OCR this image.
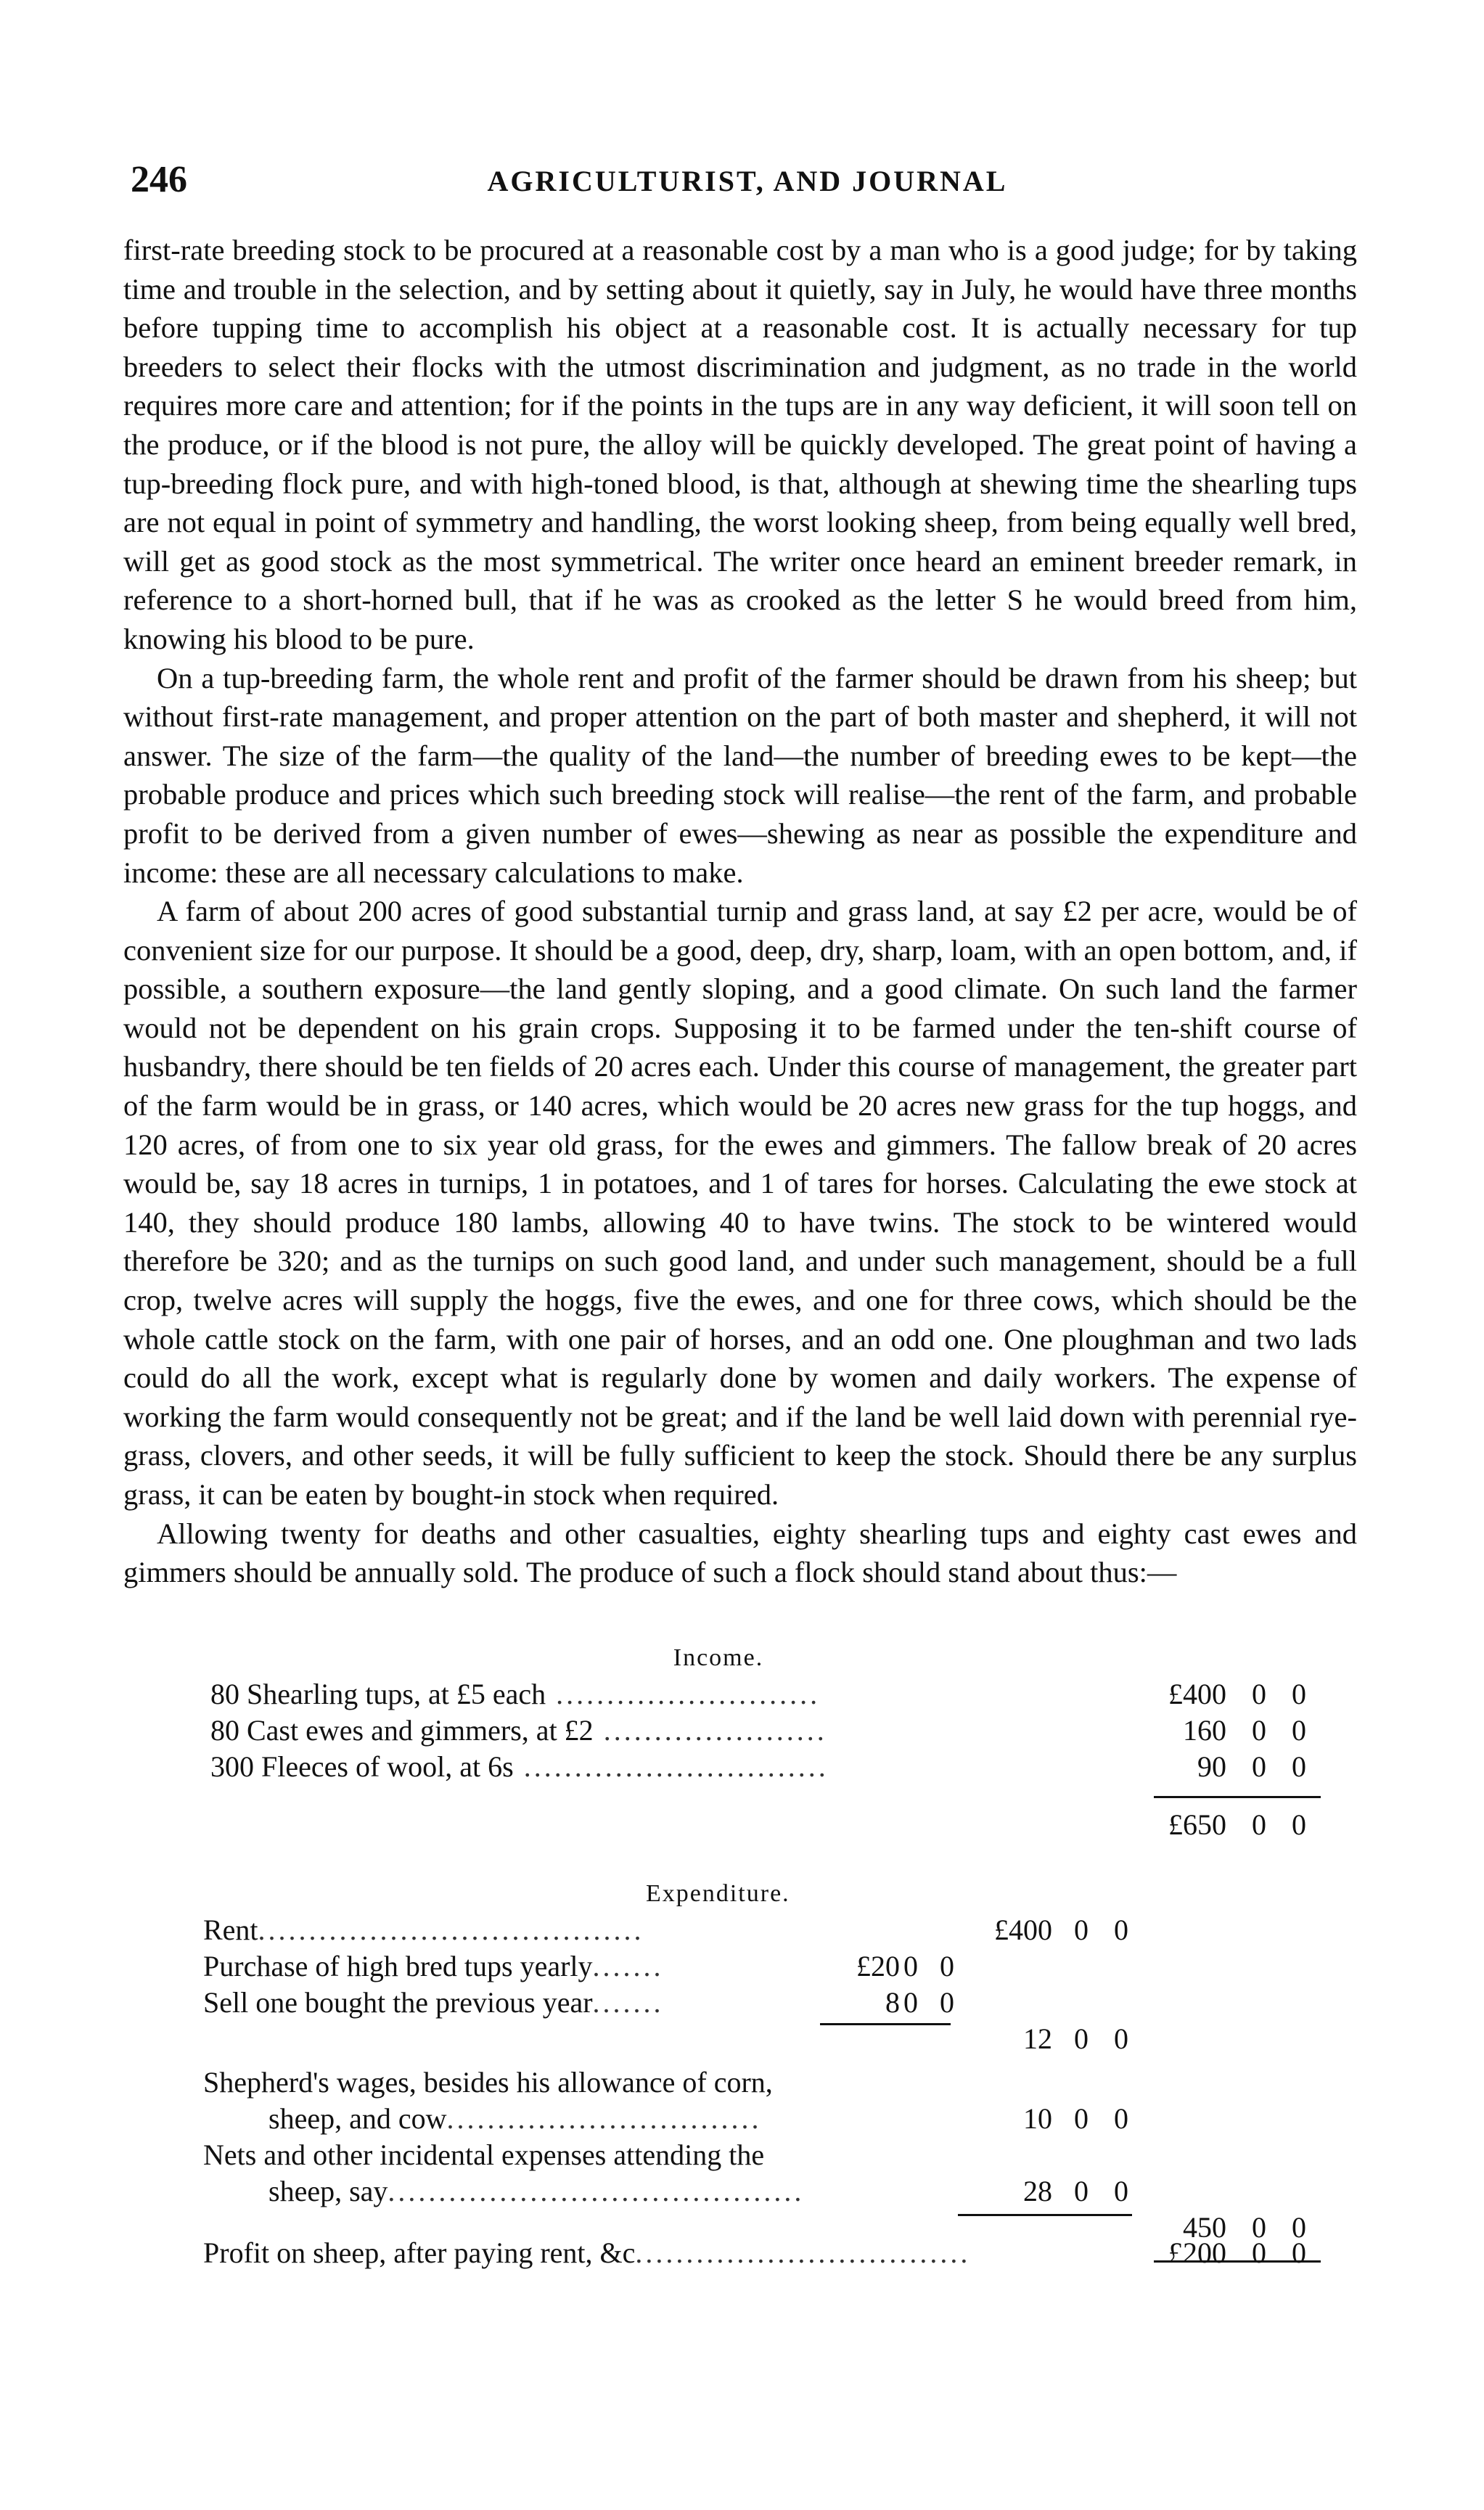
246	AGRICULTURIST, AND JOURNAL

first-rate breeding stock to be procured at a reasonable cost by a man who is a good judge; for by taking time and trouble in the selection, and by setting about it quietly, say in July, he would have three months before tupping time to accomplish his object at a reasonable cost. It is actually necessary for tup breeders to select their flocks with the utmost discrimination and judgment, as no trade in the world requires more care and attention; for if the points in the tups are in any way deficient, it will soon tell on the produce, or if the blood is not pure, the alloy will be quickly developed. The great point of having a tup-breeding flock pure, and with high-toned blood, is that, although at shewing time the shearling tups are not equal in point of symmetry and handling, the worst looking sheep, from being equally well bred, will get as good stock as the most symmetrical. The writer once heard an eminent breeder remark, in reference to a short-horned bull, that if he was as crooked as the letter S he would breed from him, knowing his blood to be pure.

On a tup-breeding farm, the whole rent and profit of the farmer should be drawn from his sheep; but without first-rate management, and proper attention on the part of both master and shepherd, it will not answer. The size of the farm—the quality of the land—the number of breeding ewes to be kept—the probable produce and prices which such breeding stock will realise—the rent of the farm, and probable profit to be derived from a given number of ewes—shewing as near as possible the expenditure and income: these are all necessary calculations to make.

A farm of about 200 acres of good substantial turnip and grass land, at say £2 per acre, would be of convenient size for our purpose. It should be a good, deep, dry, sharp, loam, with an open bottom, and, if possible, a southern exposure—the land gently sloping, and a good climate. On such land the farmer would not be dependent on his grain crops. Supposing it to be farmed under the ten-shift course of husbandry, there should be ten fields of 20 acres each. Under this course of management, the greater part of the farm would be in grass, or 140 acres, which would be 20 acres new grass for the tup hoggs, and 120 acres, of from one to six year old grass, for the ewes and gimmers. The fallow break of 20 acres would be, say 18 acres in turnips, 1 in potatoes, and 1 of tares for horses. Calculating the ewe stock at 140, they should produce 180 lambs, allowing 40 to have twins. The stock to be wintered would therefore be 320; and as the turnips on such good land, and under such management, should be a full crop, twelve acres will supply the hoggs, five the ewes, and one for three cows, which should be the whole cattle stock on the farm, with one pair of horses, and an odd one. One ploughman and two lads could do all the work, except what is regularly done by women and daily workers. The expense of working the farm would consequently not be great; and if the land be well laid down with perennial rye-grass, clovers, and other seeds, it will be fully sufficient to keep the stock. Should there be any surplus grass, it can be eaten by bought-in stock when required.

Allowing twenty for deaths and other casualties, eighty shearling tups and eighty cast ewes and gimmers should be annually sold. The produce of such a flock should stand about thus:—

Income.
80 Shearling tups, at £5 each ..........................	£400 0 0
80 Cast ewes and gimmers, at £2 ......................	160 0 0
300 Fleeces of wool, at 6s ..............................	90 0 0
£650 0 0
Expenditure.
Rent......................................	£400 0 0
Purchase of high bred tups yearly.......	£20 0 0
Sell one bought the previous year.......	8 0 0
12 0 0
Shepherd's wages, besides his allowance of corn,
sheep, and cow...............................	10 0 0
Nets and other incidental expenses attending the
sheep, say.........................................	28 0 0
450 0 0
Profit on sheep, after paying rent, &c.................................	£200 0 0
